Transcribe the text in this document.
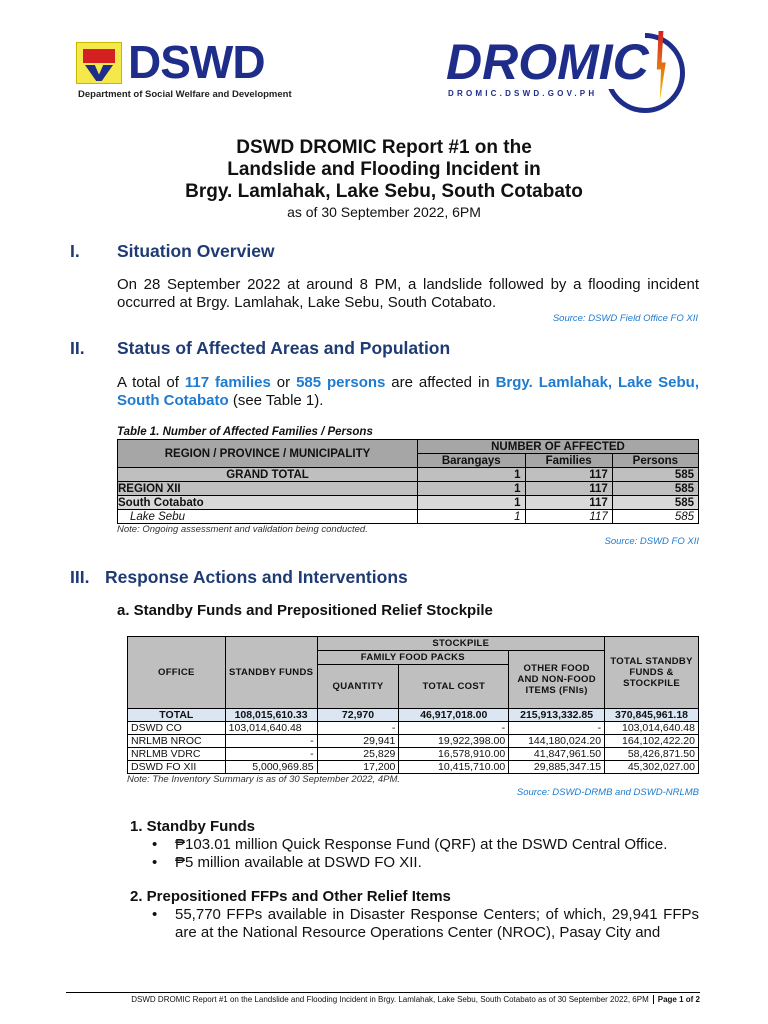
DSWD
Department of Social Welfare and Development
DROMIC
DROMIC.DSWD.GOV.PH
DSWD DROMIC Report #1 on the
Landslide and Flooding Incident in
Brgy. Lamlahak, Lake Sebu, South Cotabato
as of 30 September 2022, 6PM
I. Situation Overview
On 28 September 2022 at around 8 PM, a landslide followed by a flooding incident occurred at Brgy. Lamlahak, Lake Sebu, South Cotabato.
Source: DSWD Field Office FO XII
II. Status of Affected Areas and Population
A total of 117 families or 585 persons are affected in Brgy. Lamlahak, Lake Sebu, South Cotabato (see Table 1).
Table 1. Number of Affected Families / Persons
REGION / PROVINCE / MUNICIPALITY	NUMBER OF AFFECTED		
	Barangays	Families	Persons
GRAND TOTAL	1	117	585
REGION XII	1	117	585
South Cotabato	1	117	585
Lake Sebu	1	117	585
Note: Ongoing assessment and validation being conducted.
Source: DSWD FO XII
III. Response Actions and Interventions
a. Standby Funds and Prepositioned Relief Stockpile
OFFICE	STANDBY FUNDS	STOCKPILE			TOTAL STANDBY FUNDS & STOCKPILE
		FAMILY FOOD PACKS		OTHER FOOD AND NON-FOOD ITEMS (FNIs)	
		QUANTITY	TOTAL COST		
TOTAL	108,015,610.33	72,970	46,917,018.00	215,913,332.85	370,845,961.18
DSWD CO	103,014,640.48	-	-	-	103,014,640.48
NRLMB NROC	-	29,941	19,922,398.00	144,180,024.20	164,102,422.20
NRLMB VDRC	-	25,829	16,578,910.00	41,847,961.50	58,426,871.50
DSWD FO XII	5,000,969.85	17,200	10,415,710.00	29,885,347.15	45,302,027.00
Note: The Inventory Summary is as of 30 September 2022, 4PM.
Source: DSWD-DRMB and DSWD-NRLMB
1. Standby Funds
• ₱103.01 million Quick Response Fund (QRF) at the DSWD Central Office.
• ₱5 million available at DSWD FO XII.
2. Prepositioned FFPs and Other Relief Items
• 55,770 FFPs available in Disaster Response Centers; of which, 29,941 FFPs are at the National Resource Operations Center (NROC), Pasay City and
DSWD DROMIC Report #1 on the Landslide and Flooding Incident in Brgy. Lamlahak, Lake Sebu, South Cotabato as of 30 September 2022, 6PM Page 1 of 2
